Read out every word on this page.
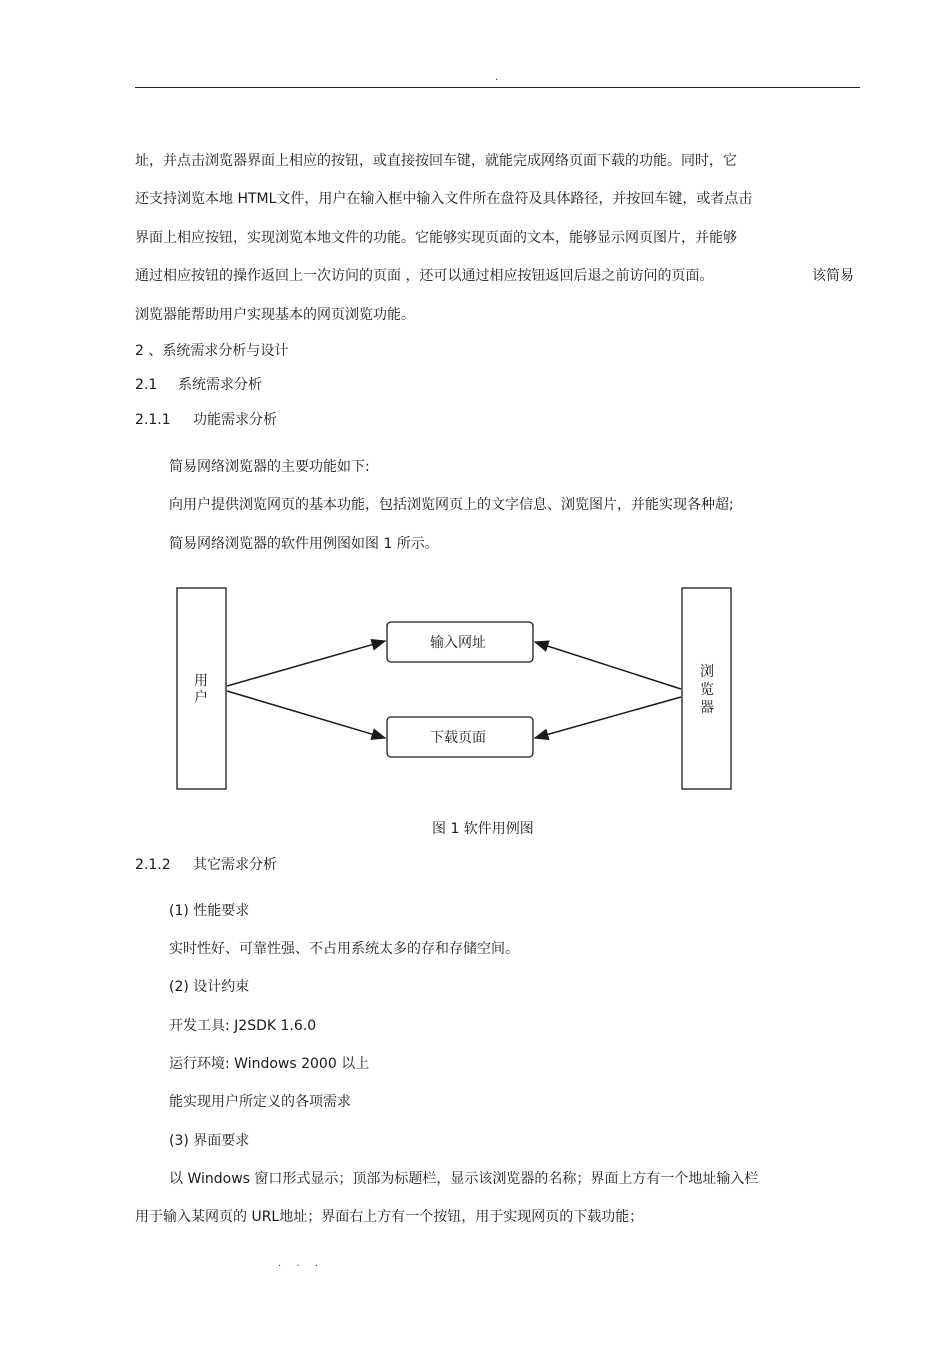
.
址，并点击浏览器界面上相应的按钮，或直接按回车键，就能完成网络页面下载的功能。同时，它
还支持浏览本地 HTML文件，用户在输入框中输入文件所在盘符及具体路径，并按回车键，或者点击
界面上相应按钮，实现浏览本地文件的功能。它能够实现页面的文本，能够显示网页图片，并能够
通过相应按钮的操作返回上一次访问的页面 ，还可以通过相应按钮返回后退之前访问的页面。	该简易
浏览器能帮助用户实现基本的网页浏览功能。
2 、系统需求分析与设计
2.1 系统需求分析
2.1.1 功能需求分析
简易网络浏览器的主要功能如下:
向用户提供浏览网页的基本功能，包括浏览网页上的文字信息、浏览图片，并能实现各种超;
简易网络浏览器的软件用例图如图 1 所示。
用
户
浏
览
器
输入网址
下载页面
图 1 软件用例图
2.1.2 其它需求分析
(1) 性能要求
实时性好、可靠性强、不占用系统太多的存和存储空间。
(2) 设计约束
开发工具: J2SDK 1.6.0
运行环境: Windows 2000 以上
能实现用户所定义的各项需求
(3) 界面要求
以 Windows 窗口形式显示；顶部为标题栏，显示该浏览器的名称；界面上方有一个地址输入栏
用于输入某网页的 URL地址；界面右上方有一个按钮，用于实现网页的下载功能；
. . .
